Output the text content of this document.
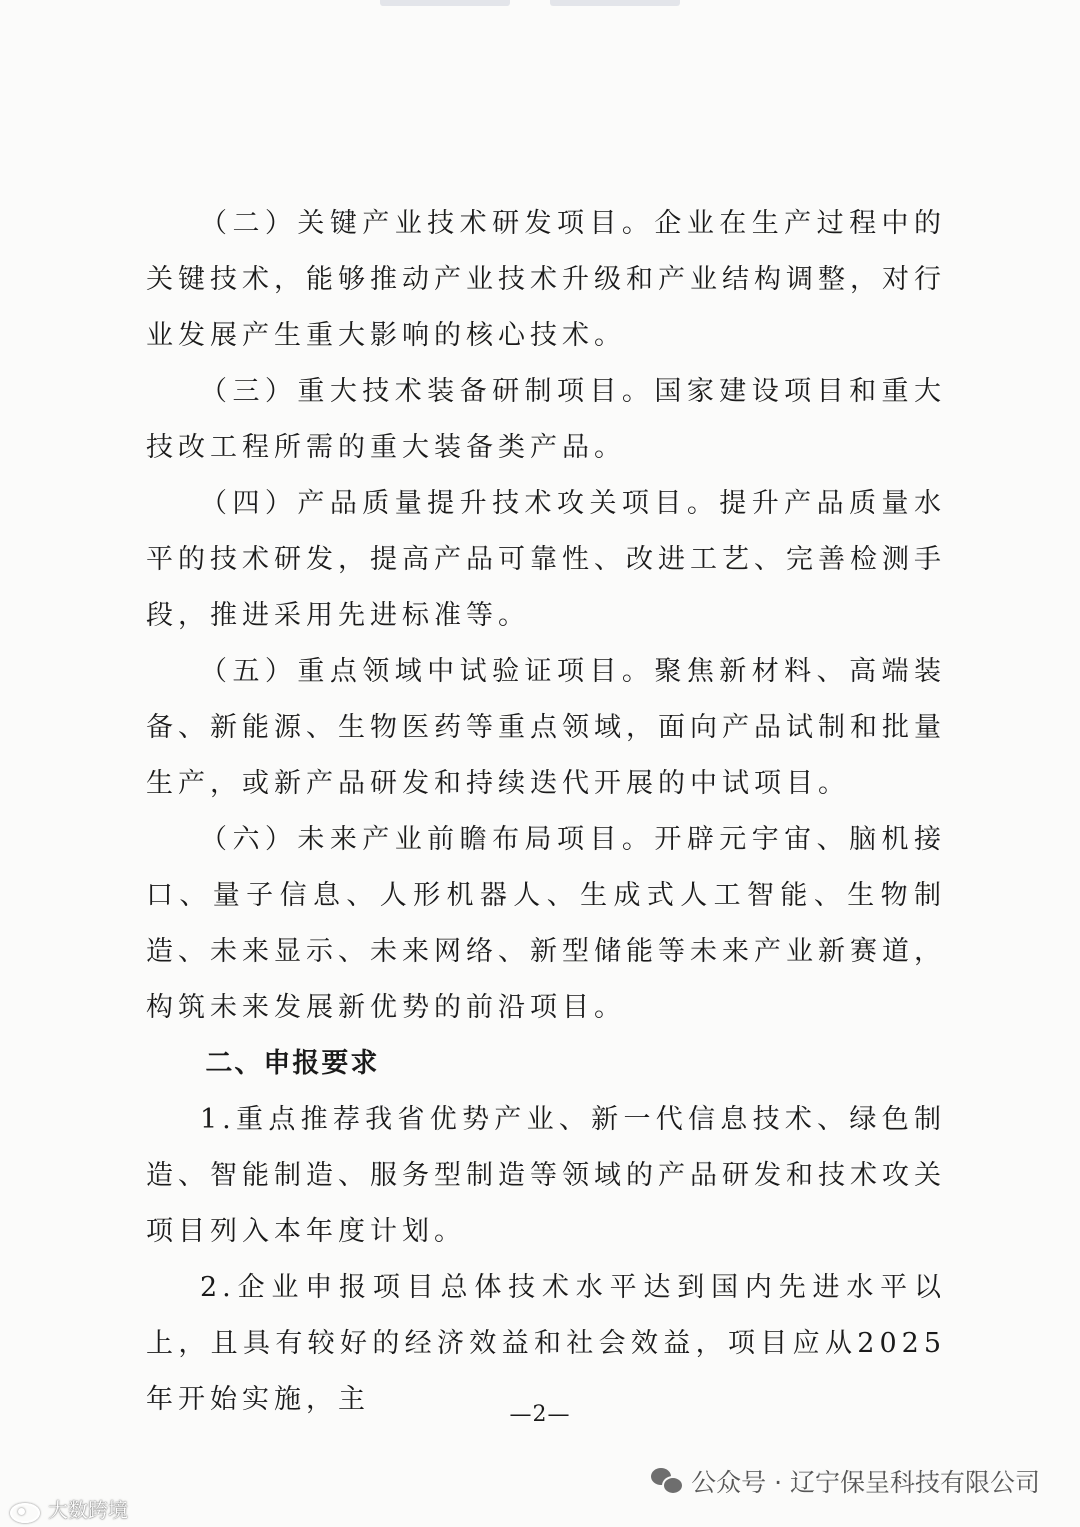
（二）关键产业技术研发项目。企业在生产过程中的关键技术，能够推动产业技术升级和产业结构调整，对行业发展产生重大影响的核心技术。

（三）重大技术装备研制项目。国家建设项目和重大技改工程所需的重大装备类产品。

（四）产品质量提升技术攻关项目。提升产品质量水平的技术研发，提高产品可靠性、改进工艺、完善检测手段，推进采用先进标准等。

（五）重点领域中试验证项目。聚焦新材料、高端装备、新能源、生物医药等重点领域，面向产品试制和批量生产，或新产品研发和持续迭代开展的中试项目。

（六）未来产业前瞻布局项目。开辟元宇宙、脑机接口、量子信息、人形机器人、生成式人工智能、生物制造、未来显示、未来网络、新型储能等未来产业新赛道，构筑未来发展新优势的前沿项目。

二、申报要求

1.重点推荐我省优势产业、新一代信息技术、绿色制造、智能制造、服务型制造等领域的产品研发和技术攻关项目列入本年度计划。

2.企业申报项目总体技术水平达到国内先进水平以上，且具有较好的经济效益和社会效益，项目应从2025年开始实施，主	—2—
公众号 · 辽宁保呈科技有限公司
大数跨境
